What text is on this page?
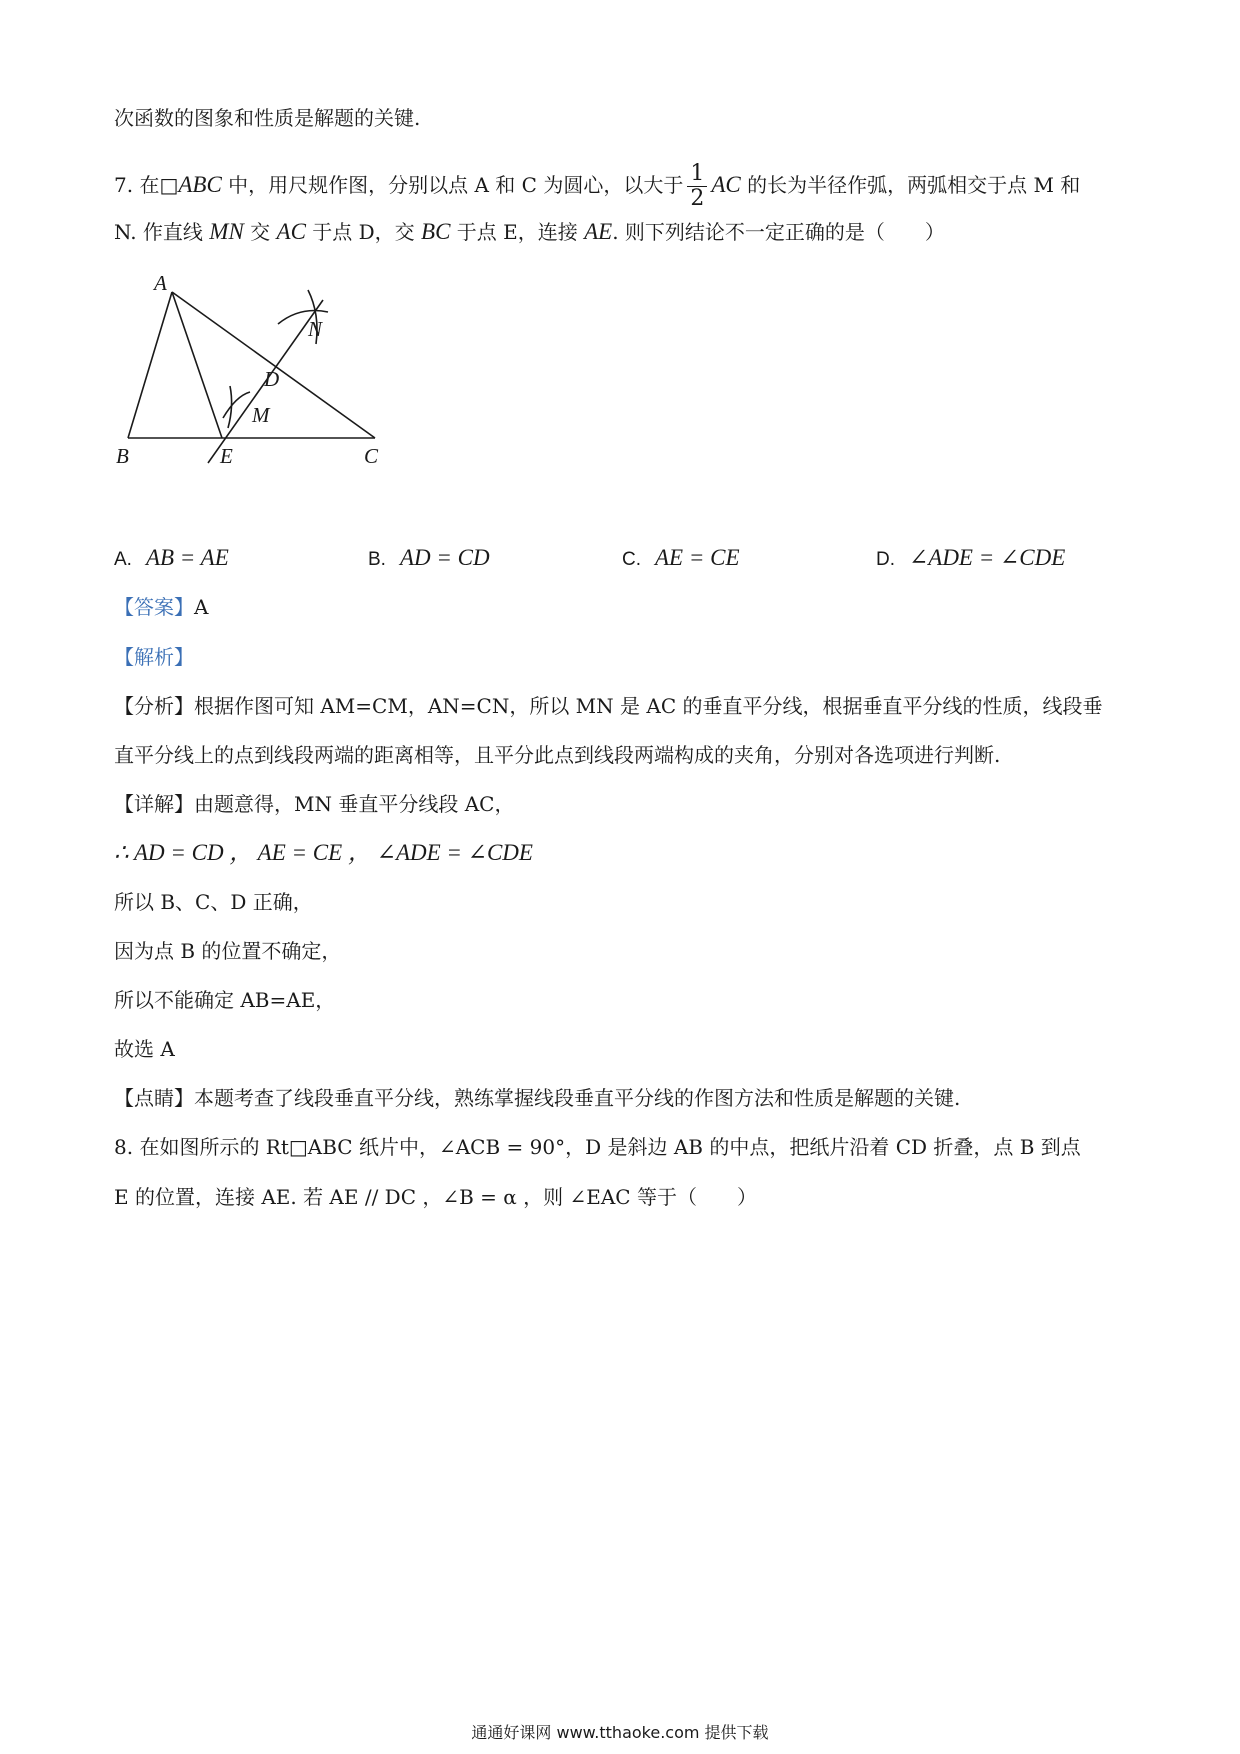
次函数的图象和性质是解题的关键.
7. 在□ABC 中，用尺规作图，分别以点 A 和 C 为圆心，以大于 $\frac{1}{2}$ AC 的长为半径作弧，两弧相交于点 M 和
N. 作直线 MN 交 AC 于点 D，交 BC 于点 E，连接 AE. 则下列结论不一定正确的是（　　）
A
B	E	C
D
M
N
A. AB = AE	B. AD = CD	C. AE = CE	D. ∠ADE = ∠CDE
【答案】A
【解析】
【分析】根据作图可知 AM=CM，AN=CN，所以 MN 是 AC 的垂直平分线，根据垂直平分线的性质，线段垂
直平分线上的点到线段两端的距离相等，且平分此点到线段两端构成的夹角，分别对各选项进行判断.
【详解】由题意得，MN 垂直平分线段 AC，
∴ AD = CD ， AE = CE ， ∠ADE = ∠CDE
所以 B、C、D 正确，
因为点 B 的位置不确定，
所以不能确定 AB=AE，
故选 A
【点睛】本题考查了线段垂直平分线，熟练掌握线段垂直平分线的作图方法和性质是解题的关键.
8. 在如图所示的 Rt□ABC 纸片中，∠ACB = 90°，D 是斜边 AB 的中点，把纸片沿着 CD 折叠，点 B 到点
E 的位置，连接 AE. 若 AE // DC ，∠B = α ，则 ∠EAC 等于（　　）
通通好课网 www.tthaoke.com 提供下载
